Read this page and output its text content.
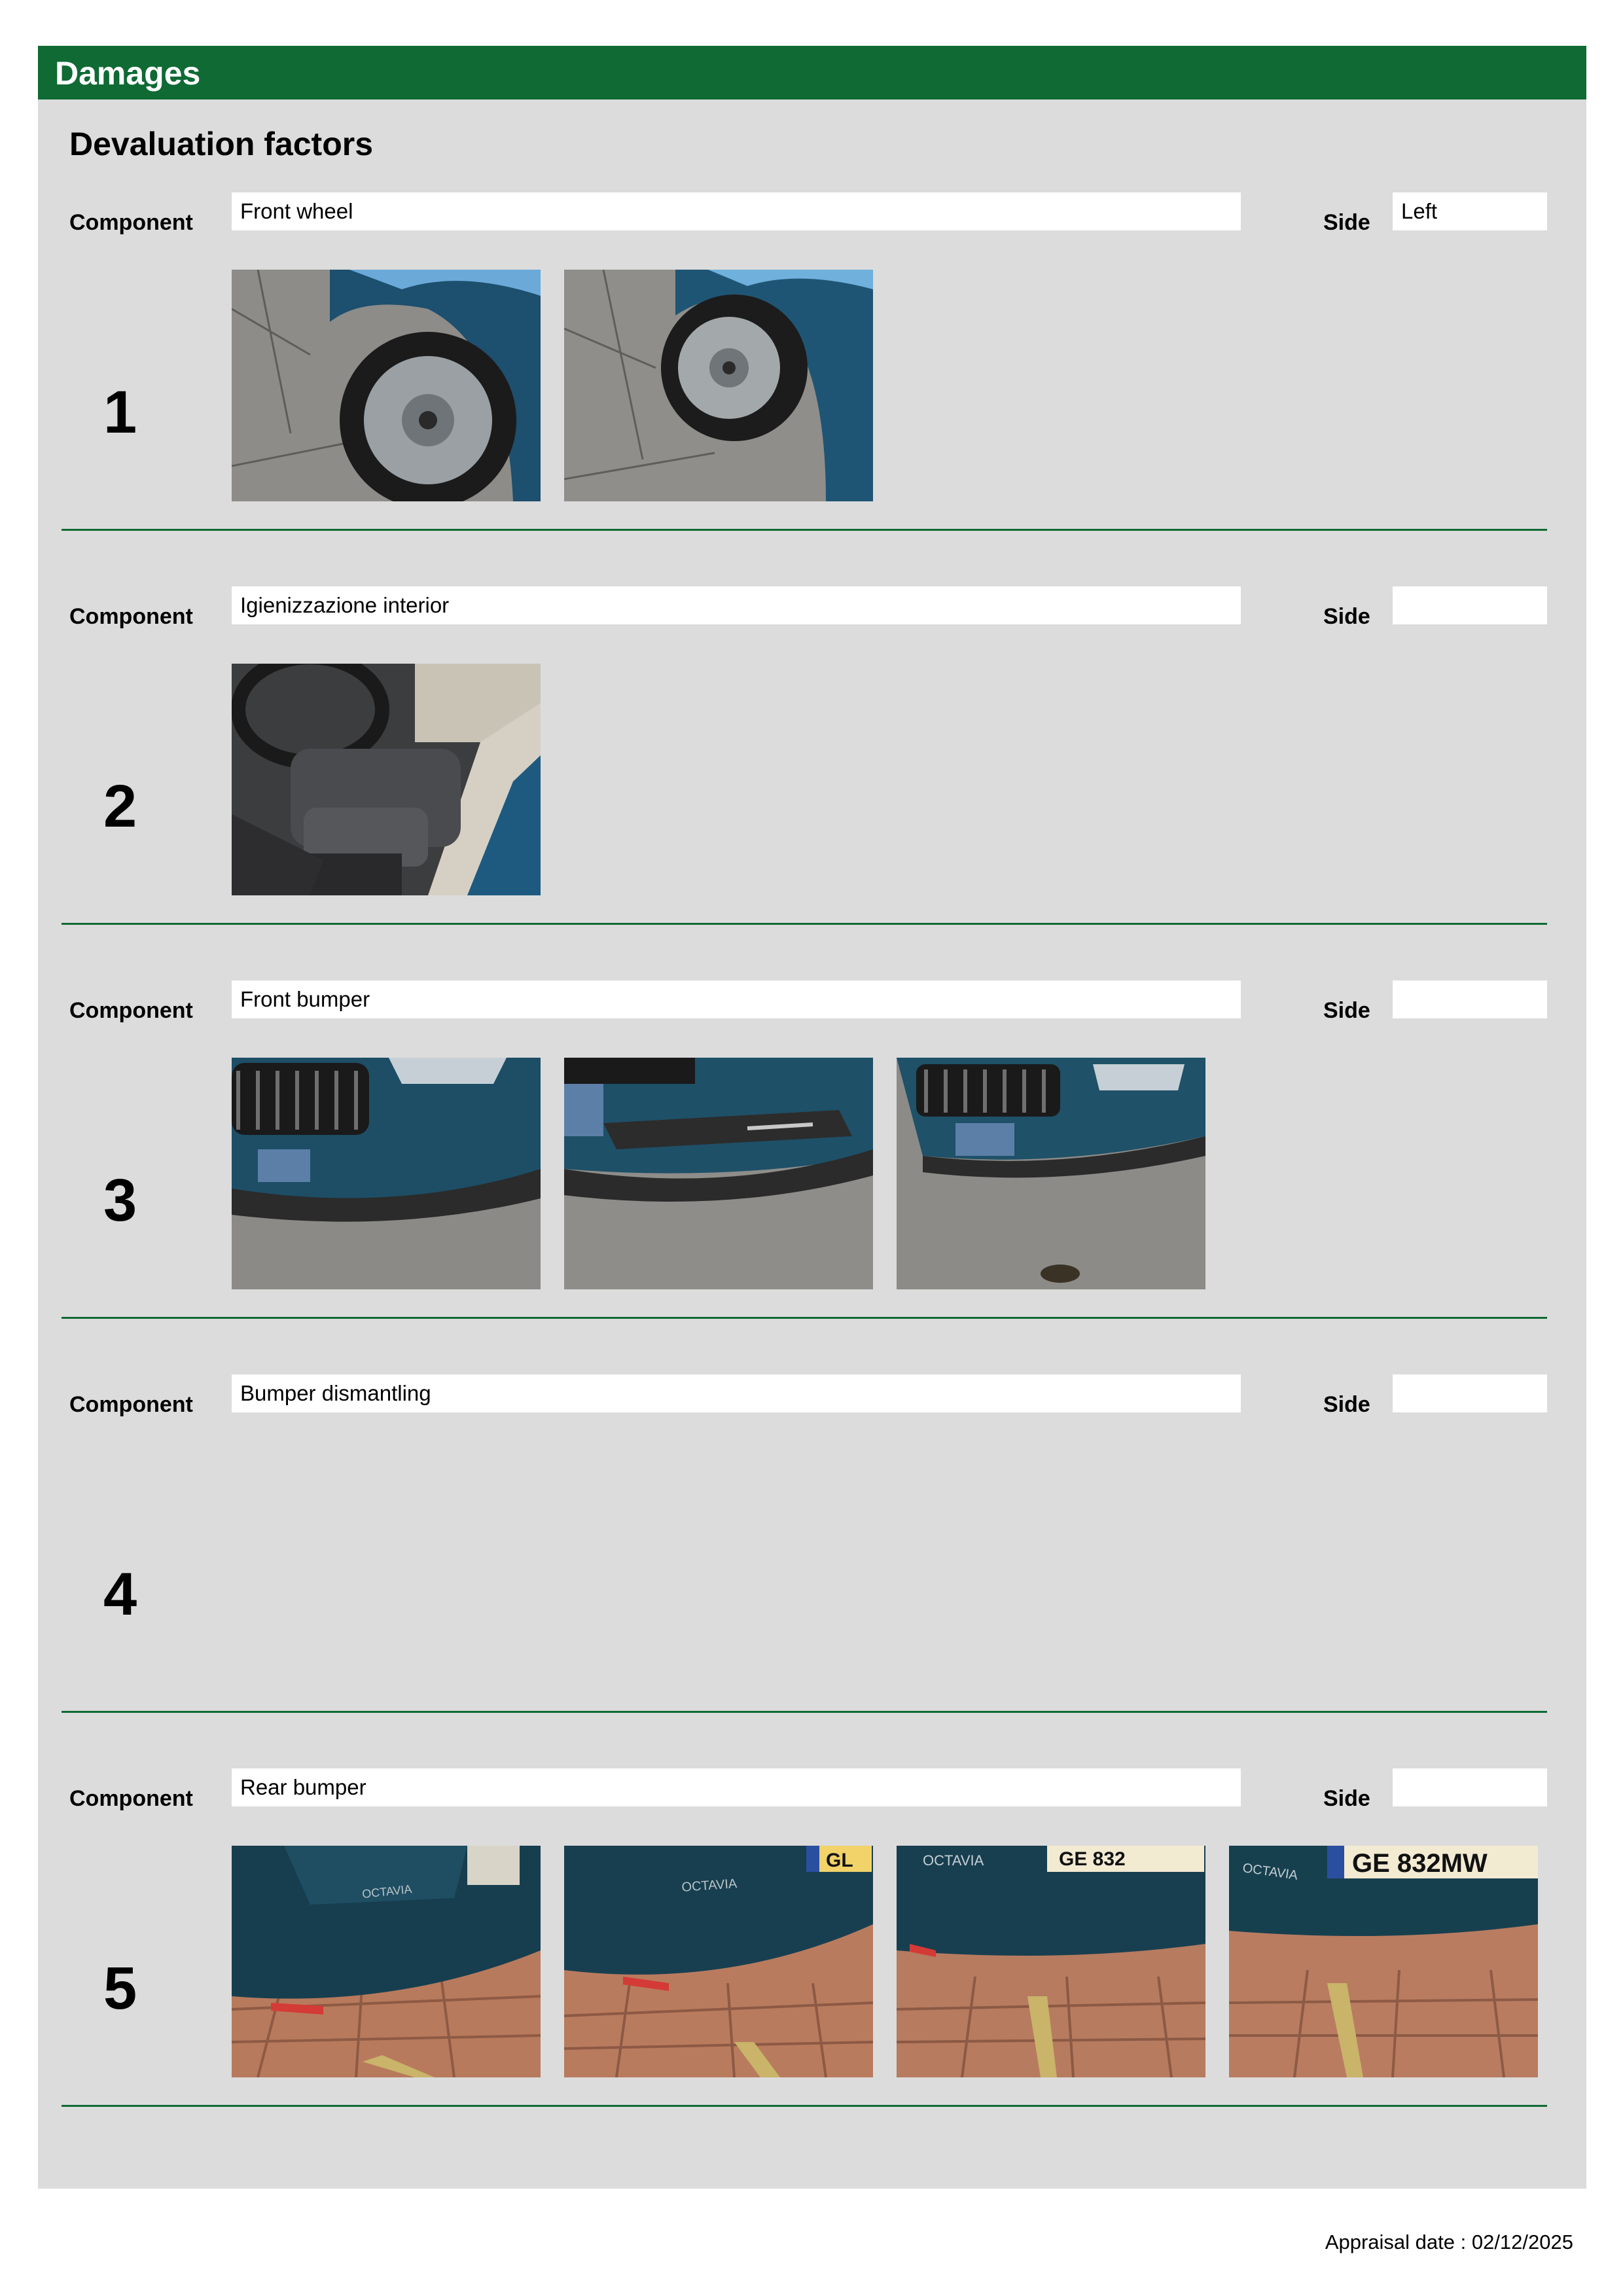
Damages
Devaluation factors
Component Front wheel	Side Left
1
Component Igienizzazione interior	Side
2
Component Front bumper	Side
3
Component Bumper dismantling	Side
4
Component Rear bumper	Side
5
OCTAVIA
GL
OCTAVIA
GE 832
OCTAVIA	GE 832MW
OCTAVIA
Appraisal date : 02/12/2025
